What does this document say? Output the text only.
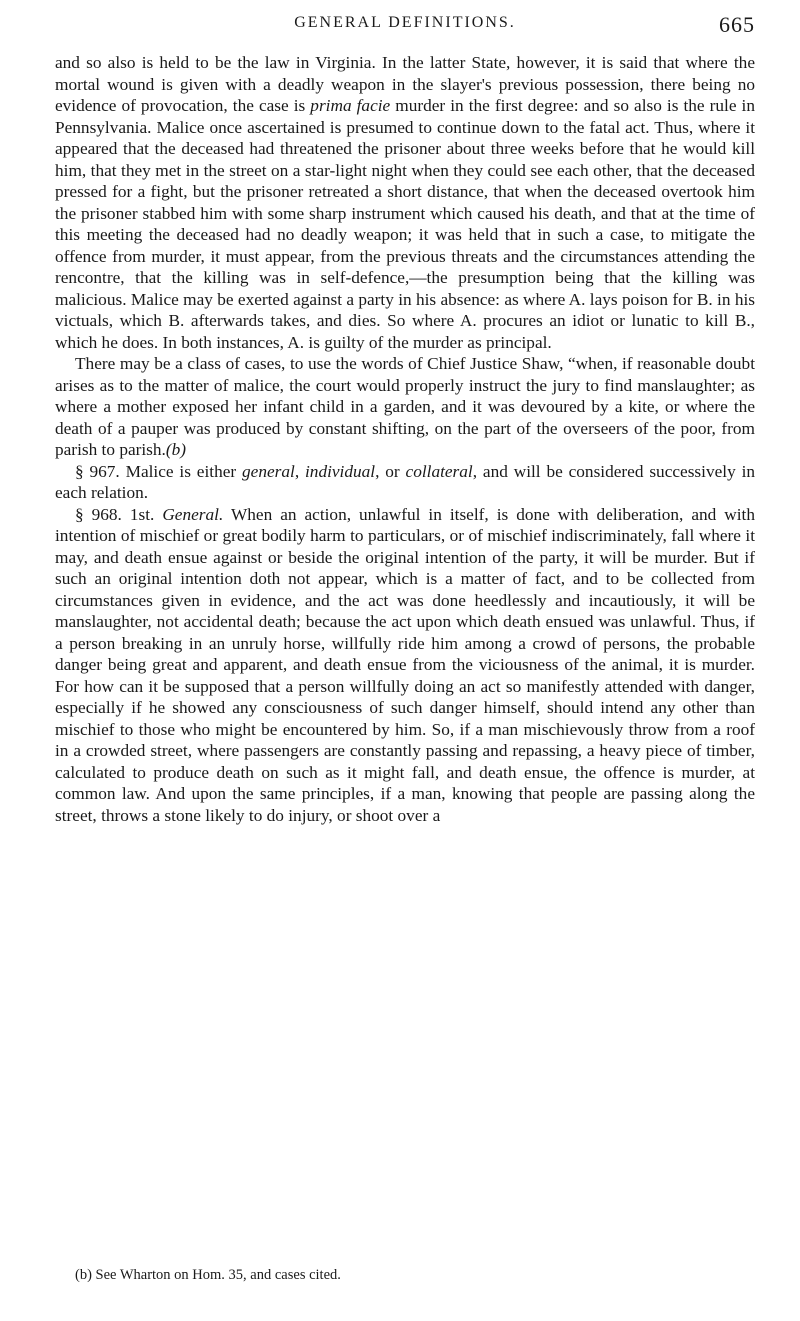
GENERAL DEFINITIONS.	665

and so also is held to be the law in Virginia. In the latter State, however, it is said that where the mortal wound is given with a deadly weapon in the slayer's previous possession, there being no evidence of provocation, the case is prima facie murder in the first degree: and so also is the rule in Pennsylvania. Malice once ascertained is presumed to continue down to the fatal act. Thus, where it appeared that the deceased had threatened the prisoner about three weeks before that he would kill him, that they met in the street on a star-light night when they could see each other, that the deceased pressed for a fight, but the prisoner retreated a short distance, that when the deceased overtook him the prisoner stabbed him with some sharp instrument which caused his death, and that at the time of this meeting the deceased had no deadly weapon; it was held that in such a case, to mitigate the offence from murder, it must appear, from the previous threats and the circumstances attending the rencontre, that the killing was in self-defence,—the presumption being that the killing was malicious. Malice may be exerted against a party in his absence: as where A. lays poison for B. in his victuals, which B. afterwards takes, and dies. So where A. procures an idiot or lunatic to kill B., which he does. In both instances, A. is guilty of the murder as principal.

There may be a class of cases, to use the words of Chief Justice Shaw, “when, if reasonable doubt arises as to the matter of malice, the court would properly instruct the jury to find manslaughter; as where a mother exposed her infant child in a garden, and it was devoured by a kite, or where the death of a pauper was produced by constant shifting, on the part of the overseers of the poor, from parish to parish.(b)

§ 967. Malice is either general, individual, or collateral, and will be considered successively in each relation.

§ 968. 1st. General. When an action, unlawful in itself, is done with deliberation, and with intention of mischief or great bodily harm to particulars, or of mischief indiscriminately, fall where it may, and death ensue against or beside the original intention of the party, it will be murder. But if such an original intention doth not appear, which is a matter of fact, and to be collected from circumstances given in evidence, and the act was done heedlessly and incautiously, it will be manslaughter, not accidental death; because the act upon which death ensued was unlawful. Thus, if a person breaking in an unruly horse, willfully ride him among a crowd of persons, the probable danger being great and apparent, and death ensue from the viciousness of the animal, it is murder. For how can it be supposed that a person willfully doing an act so manifestly attended with danger, especially if he showed any consciousness of such danger himself, should intend any other than mischief to those who might be encountered by him. So, if a man mischievously throw from a roof in a crowded street, where passengers are constantly passing and repassing, a heavy piece of timber, calculated to produce death on such as it might fall, and death ensue, the offence is murder, at common law. And upon the same principles, if a man, knowing that people are passing along the street, throws a stone likely to do injury, or shoot over a

(b) See Wharton on Hom. 35, and cases cited.
